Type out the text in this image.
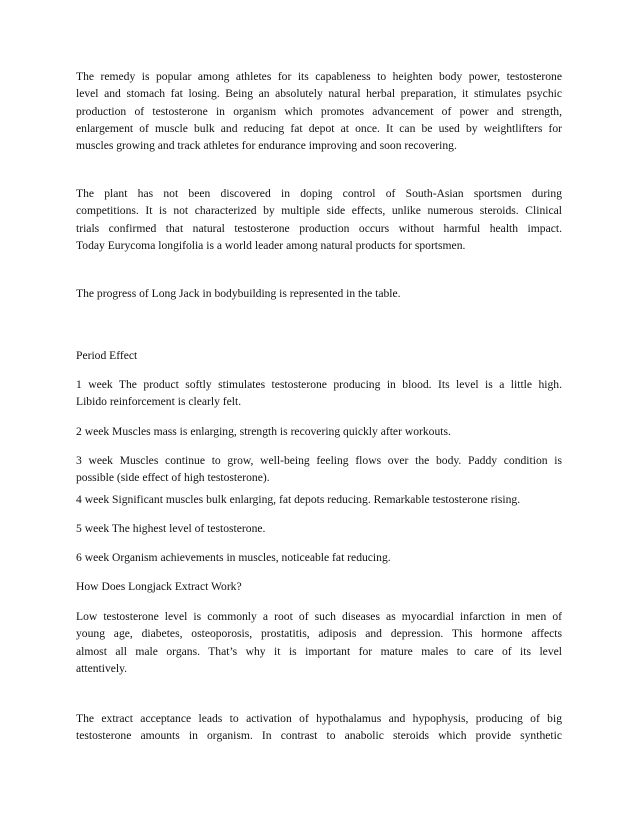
The remedy is popular among athletes for its capableness to heighten body power, testosterone
level and stomach fat losing. Being an absolutely natural herbal preparation, it stimulates psychic
production of testosterone in organism which promotes advancement of power and strength,
enlargement of muscle bulk and reducing fat depot at once. It can be used by weightlifters for
muscles growing and track athletes for endurance improving and soon recovering.

The plant has not been discovered in doping control of South-Asian sportsmen during
competitions. It is not characterized by multiple side effects, unlike numerous steroids. Clinical
trials confirmed that natural testosterone production occurs without harmful health impact.
Today Eurycoma longifolia is a world leader among natural products for sportsmen.

The progress of Long Jack in bodybuilding is represented in the table.

Period Effect

1 week The product softly stimulates testosterone producing in blood. Its level is a little high.
Libido reinforcement is clearly felt.

2 week Muscles mass is enlarging, strength is recovering quickly after workouts.

3 week Muscles continue to grow, well-being feeling flows over the body. Paddy condition is
possible (side effect of high testosterone).

4 week Significant muscles bulk enlarging, fat depots reducing. Remarkable testosterone rising.

5 week The highest level of testosterone.

6 week Organism achievements in muscles, noticeable fat reducing.

How Does Longjack Extract Work?

Low testosterone level is commonly a root of such diseases as myocardial infarction in men of
young age, diabetes, osteoporosis, prostatitis, adiposis and depression. This hormone affects
almost all male organs. That’s why it is important for mature males to care of its level
attentively.

The extract acceptance leads to activation of hypothalamus and hypophysis, producing of big
testosterone amounts in organism. In contrast to anabolic steroids which provide synthetic
